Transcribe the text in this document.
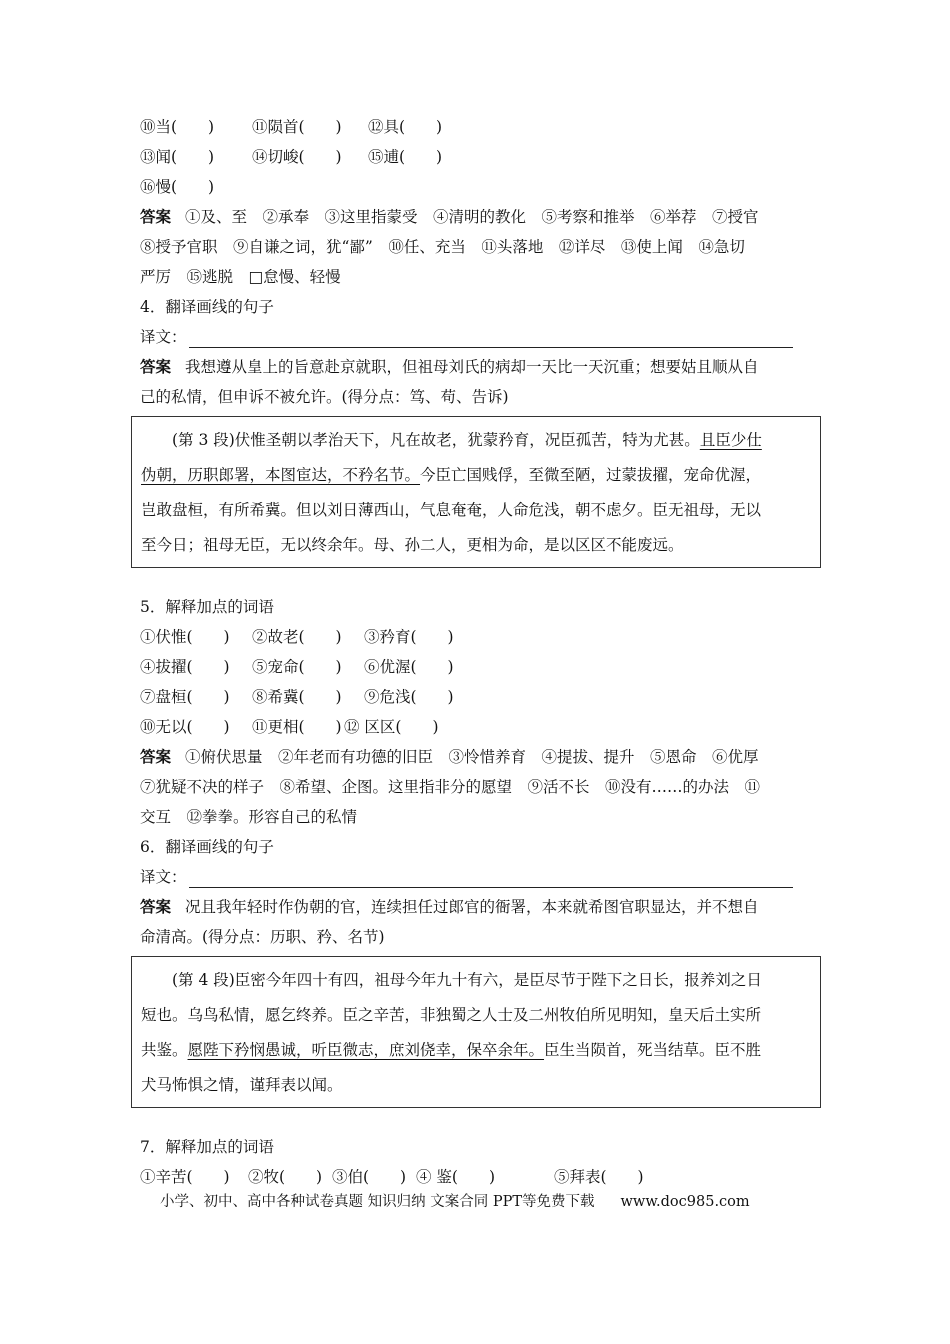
⑩当(　　) ⑪陨首(　　) ⑫具(　　)
⑬闻(　　) ⑭切峻(　　) ⑮逋(　　)
⑯慢(　　)
答案 ①及、至　②承奉　③这里指蒙受　④清明的教化　⑤考察和推举　⑥举荐　⑦授官
⑧授予官职　⑨自谦之词，犹“鄙”　⑩任、充当　⑪头落地　⑫详尽　⑬使上闻　⑭急切
严厉　⑮逃脱　□怠慢、轻慢
4．翻译画线的句子
译文：
答案 我想遵从皇上的旨意赴京就职，但祖母刘氏的病却一天比一天沉重；想要姑且顺从自
己的私情，但申诉不被允许。(得分点：笃、苟、告诉)
(第 3 段)伏惟圣朝以孝治天下，凡在故老，犹蒙矜育，况臣孤苦，特为尤甚。且臣少仕
伪朝，历职郎署，本图宦达，不矜名节。今臣亡国贱俘，至微至陋，过蒙拔擢，宠命优渥，
岂敢盘桓，有所希冀。但以刘日薄西山，气息奄奄，人命危浅，朝不虑夕。臣无祖母，无以
至今日；祖母无臣，无以终余年。母、孙二人，更相为命，是以区区不能废远。
5．解释加点的词语
①伏惟(　　) ②故老(　　) ③矜育(　　)
④拔擢(　　) ⑤宠命(　　) ⑥优渥(　　)
⑦盘桓(　　) ⑧希冀(　　) ⑨危浅(　　)
⑩无以(　　) ⑪更相(　　) ⑫ 区区(　　)
答案 ①俯伏思量　②年老而有功德的旧臣　③怜惜养育　④提拔、提升　⑤恩命　⑥优厚
⑦犹疑不决的样子　⑧希望、企图。这里指非分的愿望　⑨活不长　⑩没有……的办法　⑪
交互　⑫拳拳。形容自己的私情
6．翻译画线的句子
译文：
答案 况且我年轻时作伪朝的官，连续担任过郎官的衙署，本来就希图官职显达，并不想自
命清高。(得分点：历职、矜、名节)
(第 4 段)臣密今年四十有四，祖母今年九十有六，是臣尽节于陛下之日长，报养刘之日
短也。乌鸟私情，愿乞终养。臣之辛苦，非独蜀之人士及二州牧伯所见明知，皇天后土实所
共鉴。愿陛下矜悯愚诚，听臣微志，庶刘侥幸，保卒余年。臣生当陨首，死当结草。臣不胜
犬马怖惧之情，谨拜表以闻。
7．解释加点的词语
①辛苦(　　) ②牧(　　) ③伯(　　) ④ 鉴(　　)	⑤拜表(　　)
小学、初中、高中各种试卷真题 知识归纳 文案合同 PPT等免费下载 www.doc985.com
